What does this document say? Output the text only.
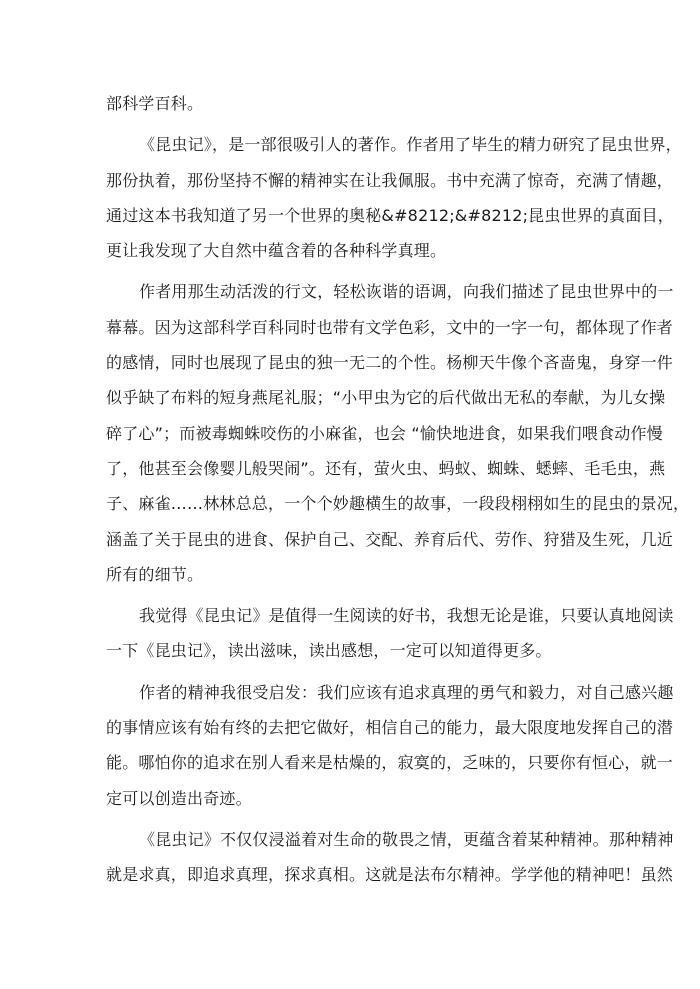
部科学百科。
《昆虫记》，是一部很吸引人的著作。作者用了毕生的精力研究了昆虫世界，
那份执着，那份坚持不懈的精神实在让我佩服。书中充满了惊奇，充满了情趣，
通过这本书我知道了另一个世界的奥秘&#8212;&#8212;昆虫世界的真面目，
更让我发现了大自然中蕴含着的各种科学真理。
作者用那生动活泼的行文，轻松诙谐的语调，向我们描述了昆虫世界中的一
幕幕。因为这部科学百科同时也带有文学色彩，文中的一字一句，都体现了作者
的感情，同时也展现了昆虫的独一无二的个性。杨柳天牛像个吝啬鬼，身穿一件
似乎缺了布料的短身燕尾礼服；“小甲虫为它的后代做出无私的奉献，为儿女操
碎了心”；而被毒蜘蛛咬伤的小麻雀，也会 “愉快地进食，如果我们喂食动作慢
了，他甚至会像婴儿般哭闹”。还有，萤火虫、蚂蚁、蜘蛛、蟋蟀、毛毛虫，燕
子、麻雀……林林总总，一个个妙趣横生的故事，一段段栩栩如生的昆虫的景况，
涵盖了关于昆虫的进食、保护自己、交配、养育后代、劳作、狩猎及生死，几近
所有的细节。
我觉得《昆虫记》是值得一生阅读的好书，我想无论是谁，只要认真地阅读
一下《昆虫记》，读出滋味，读出感想，一定可以知道得更多。
作者的精神我很受启发：我们应该有追求真理的勇气和毅力，对自己感兴趣
的事情应该有始有终的去把它做好，相信自己的能力，最大限度地发挥自己的潜
能。哪怕你的追求在别人看来是枯燥的，寂寞的，乏味的，只要你有恒心，就一
定可以创造出奇迹。
《昆虫记》不仅仅浸溢着对生命的敬畏之情，更蕴含着某种精神。那种精神
就是求真，即追求真理，探求真相。这就是法布尔精神。学学他的精神吧！虽然
